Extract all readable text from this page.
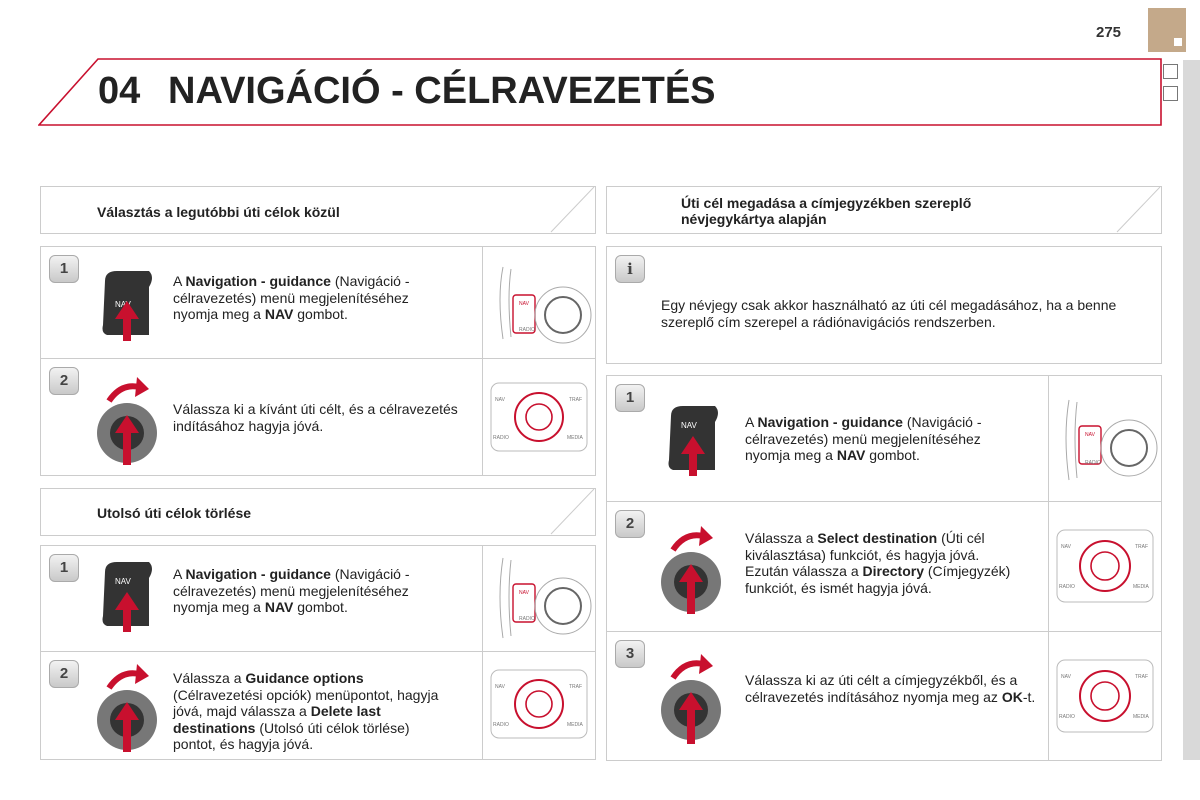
275
04 NAVIGÁCIÓ - CÉLRAVEZETÉS
Választás a legutóbbi úti célok közül
1
NAV
A Navigation - guidance (Navigáció - célravezetés) menü megjelenítéséhez nyomja meg a NAV gombot.
NAV
RADIO
2
Válassza ki a kívánt úti célt, és a célravezetés indításához hagyja jóvá.
NAV	TRAF
RADIO	MEDIA
Utolsó úti célok törlése
1
NAV	A Navigation - guidance (Navigáció - célravezetés) menü megjelenítéséhez nyomja meg a NAV gombot.
NAV
RADIO
2	Válassza a Guidance options (Célravezetési opciók) menüpontot, hagyja jóvá, majd válassza a Delete last destinations (Utolsó úti célok törlése) pontot, és hagyja jóvá.
NAV	TRAF
RADIO	MEDIA
Úti cél megadása a címjegyzékben szereplő névjegykártya alapján
i
Egy névjegy csak akkor használható az úti cél megadásához, ha a benne szereplő cím szerepel a rádiónavigációs rendszerben.
1
NAV	A Navigation - guidance (Navigáció - célravezetés) menü megjelenítéséhez nyomja meg a NAV gombot.
NAV
RADIO
2
Válassza a Select destination (Úti cél kiválasztása) funkciót, és hagyja jóvá. Ezután válassza a Directory (Címjegyzék) funkciót, és ismét hagyja jóvá.
NAV	TRAF
RADIO	MEDIA
3
Válassza ki az úti célt a címjegyzékből, és a célravezetés indításához nyomja meg az OK-t.
NAV	TRAF
RADIO	MEDIA
